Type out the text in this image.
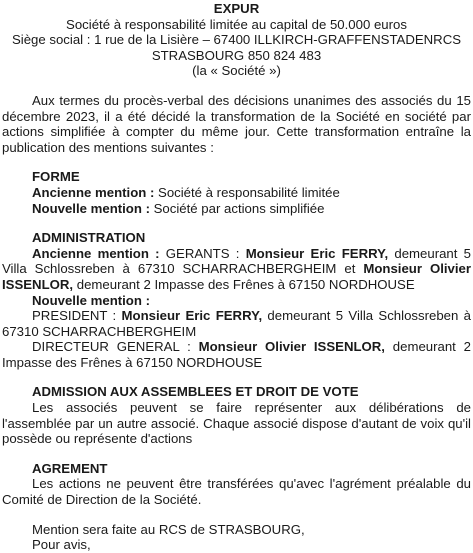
EXPUR
Société à responsabilité limitée au capital de 50.000 euros
Siège social : 1 rue de la Lisière – 67400 ILLKIRCH-GRAFFENSTADENRCS
STRASBOURG 850 824 483
(la « Société »)

Aux termes du procès-verbal des décisions unanimes des associés du 15 décembre 2023, il a été décidé la transformation de la Société en société par actions simplifiée à compter du même jour. Cette transformation entraîne la publication des mentions suivantes :

FORME
Ancienne mention : Société à responsabilité limitée
Nouvelle mention : Société par actions simplifiée
ADMINISTRATION

Ancienne mention : GERANTS : Monsieur Eric FERRY, demeurant 5 Villa Schlossreben à 67310 SCHARRACHBERGHEIM et Monsieur Olivier ISSENLOR, demeurant 2 Impasse des Frênes à 67150 NORDHOUSE

Nouvelle mention :

PRESIDENT : Monsieur Eric FERRY, demeurant 5 Villa Schlossreben à 67310 SCHARRACHBERGHEIM

DIRECTEUR GENERAL : Monsieur Olivier ISSENLOR, demeurant 2 Impasse des Frênes à 67150 NORDHOUSE

ADMISSION AUX ASSEMBLEES ET DROIT DE VOTE

Les associés peuvent se faire représenter aux délibérations de l'assemblée par un autre associé. Chaque associé dispose d'autant de voix qu'il possède ou représente d'actions

AGREMENT

Les actions ne peuvent être transférées qu'avec l'agrément préalable du Comité de Direction de la Société.

Mention sera faite au RCS de STRASBOURG,
Pour avis,
